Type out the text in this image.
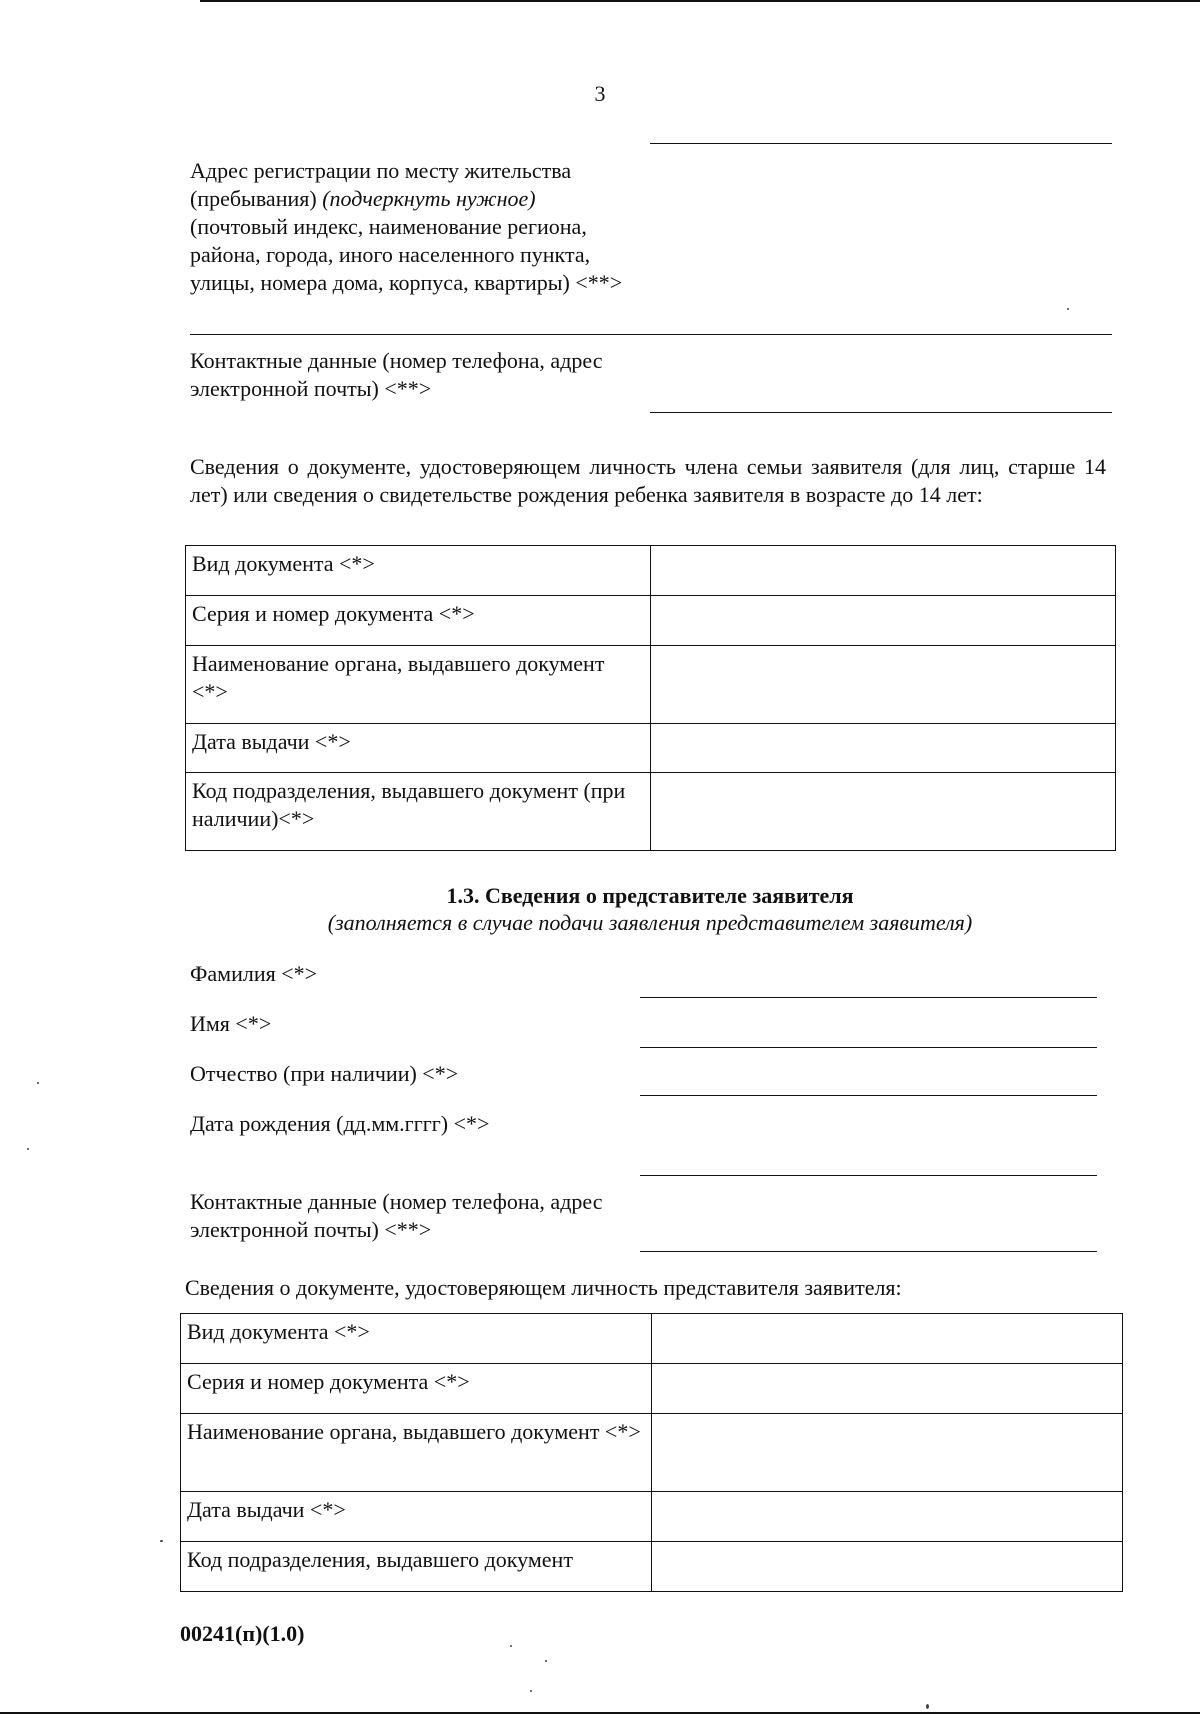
3
Адрес регистрации по месту жительства
(пребывания) (подчеркнуть нужное)
(почтовый индекс, наименование региона, района, города, иного населенного пункта, улицы, номера дома, корпуса, квартиры) <**>
Контактные данные (номер телефона, адрес электронной почты) <**>
Сведения о документе, удостоверяющем личность члена семьи заявителя (для лиц, старше 14 лет) или сведения о свидетельстве рождения ребенка заявителя в возрасте до 14 лет:
Вид документа <*>	
Серия и номер документа <*>	
Наименование органа, выдавшего документ <*>	
Дата выдачи <*>	
Код подразделения, выдавшего документ (при наличии)<*>	
1.3. Сведения о представителе заявителя
(заполняется в случае подачи заявления представителем заявителя)
Фамилия <*>
Имя <*>
Отчество (при наличии) <*>
Дата рождения (дд.мм.гггг) <*>
Контактные данные (номер телефона, адрес электронной почты) <**>
Сведения о документе, удостоверяющем личность представителя заявителя:
Вид документа <*>	
Серия и номер документа <*>	
Наименование органа, выдавшего документ <*>	
Дата выдачи <*>	
Код подразделения, выдавшего документ	
00241(п)(1.0)
